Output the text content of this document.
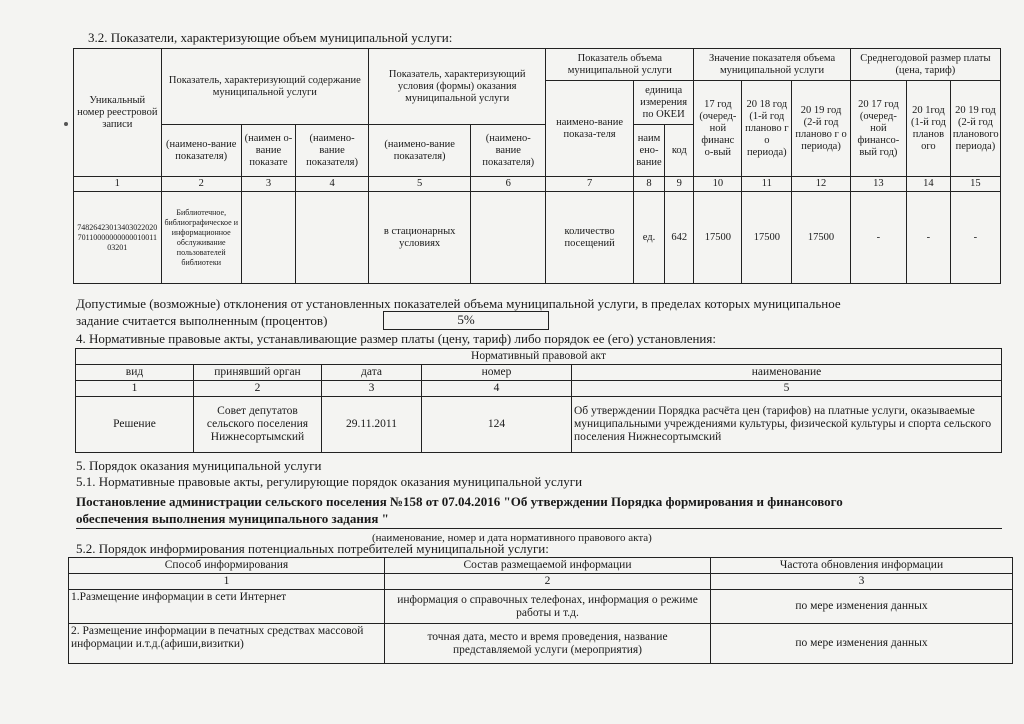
3.2. Показатели, характеризующие объем муниципальной услуги:
Уникальный номер реестровой записи	Показатель, характеризующий содержание муниципальной услуги			Показатель, характеризующий условия (формы) оказания муниципальной услуги		Показатель объема муниципальной услуги			Значение показателя объема муниципальной услуги			Среднегодовой размер платы (цена, тариф)		
						наимено-вание показа-теля	единица измерения по ОКЕИ		17 год (очеред-ной финанс о-вый	20 18 год (1-й год планово г о периода)	20 19 год (2-й год планово г о периода)	20 17 год (очеред-ной финансо-вый год)	20 1год (1-й год планов ого	20 19 год (2-й год планового периода)
	(наимено-вание показателя)	(наимен о-вание показате	(наимено-вание показателя)	(наимено-вание показателя)	(наимено-вание показателя)		наим ено-вание	код						
1	2	3	4	5	6	7	8	9	10	11	12	13	14	15
748264230134030220207011000000000001001103201	Библиотечное, библиографическое и информационное обслуживание пользователей библиотеки			в стационарных условиях		количество посещений	ед.	642	17500	17500	17500	-	-	-
Допустимые (возможные) отклонения от установленных показателей объема муниципальной услуги, в пределах которых муниципальное
задание считается выполненным (процентов)	5%
4. Нормативные правовые акты, устанавливающие размер платы (цену, тариф) либо порядок ее (его) установления:
Нормативный правовой акт				
вид	принявший орган	дата	номер	наименование
1	2	3	4	5
Решение	Совет депутатов сельского поселения Нижнесортымский	29.11.2011	124	Об утверждении Порядка расчёта цен (тарифов) на платные услуги, оказываемые муниципальными учреждениями культуры, физической культуры и спорта сельского поселения Нижнесортымский
5. Порядок оказания муниципальной услуги
5.1. Нормативные правовые акты, регулирующие порядок оказания муниципальной услуги
Постановление администрации сельского поселения №158 от 07.04.2016 "Об утверждении Порядка формирования и финансового
обеспечения выполнения муниципального задания "
(наименование, номер и дата нормативного правового акта)
5.2. Порядок информирования потенциальных потребителей муниципальной услуги:
Способ информирования	Состав размещаемой информации	Частота обновления информации
1	2	3
1.Размещение информации в сети Интернет	информация о справочных телефонах, информация о режиме работы и т.д.	по мере изменения данных
2. Размещение информации в печатных средствах массовой информации и.т.д.(афиши,визитки)	точная дата, место и время проведения, название представляемой услуги (мероприятия)	по мере изменения данных
